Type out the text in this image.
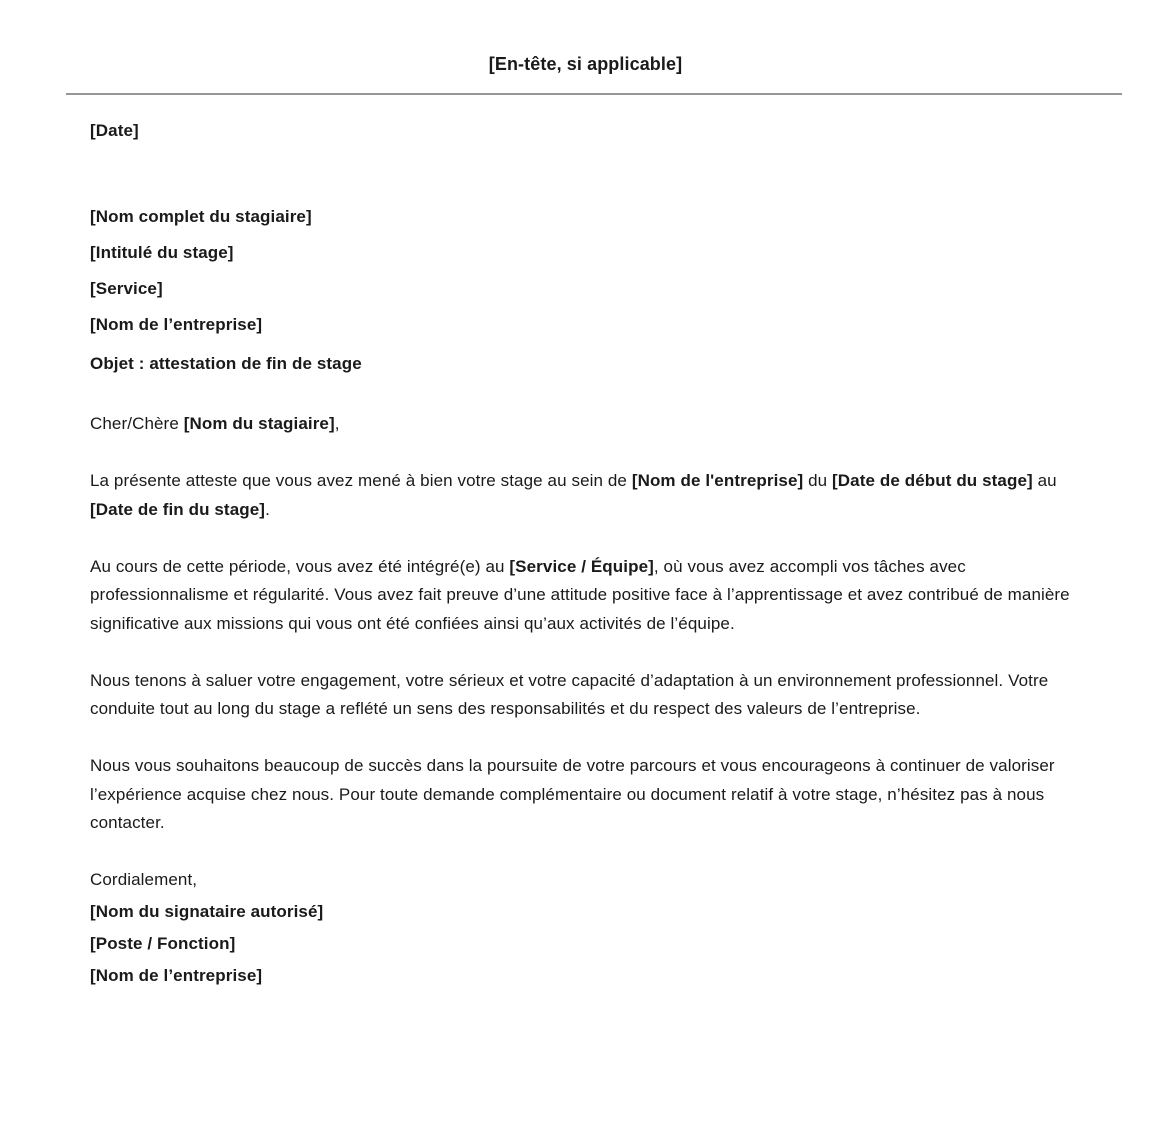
[En-tête, si applicable]

[Date]

[Nom complet du stagiaire]

[Intitulé du stage]

[Service]

[Nom de l’entreprise]

Objet : attestation de fin de stage

Cher/Chère [Nom du stagiaire],

La présente atteste que vous avez mené à bien votre stage au sein de [Nom de l'entreprise] du [Date de début du stage] au [Date de fin du stage].

Au cours de cette période, vous avez été intégré(e) au [Service / Équipe], où vous avez accompli vos tâches avec professionnalisme et régularité. Vous avez fait preuve d’une attitude positive face à l’apprentissage et avez contribué de manière significative aux missions qui vous ont été confiées ainsi qu’aux activités de l’équipe.

Nous tenons à saluer votre engagement, votre sérieux et votre capacité d’adaptation à un environnement professionnel. Votre conduite tout au long du stage a reflété un sens des responsabilités et du respect des valeurs de l’entreprise.

Nous vous souhaitons beaucoup de succès dans la poursuite de votre parcours et vous encourageons à continuer de valoriser l’expérience acquise chez nous. Pour toute demande complémentaire ou document relatif à votre stage, n’hésitez pas à nous contacter.

Cordialement,

[Nom du signataire autorisé]

[Poste / Fonction]

[Nom de l’entreprise]
